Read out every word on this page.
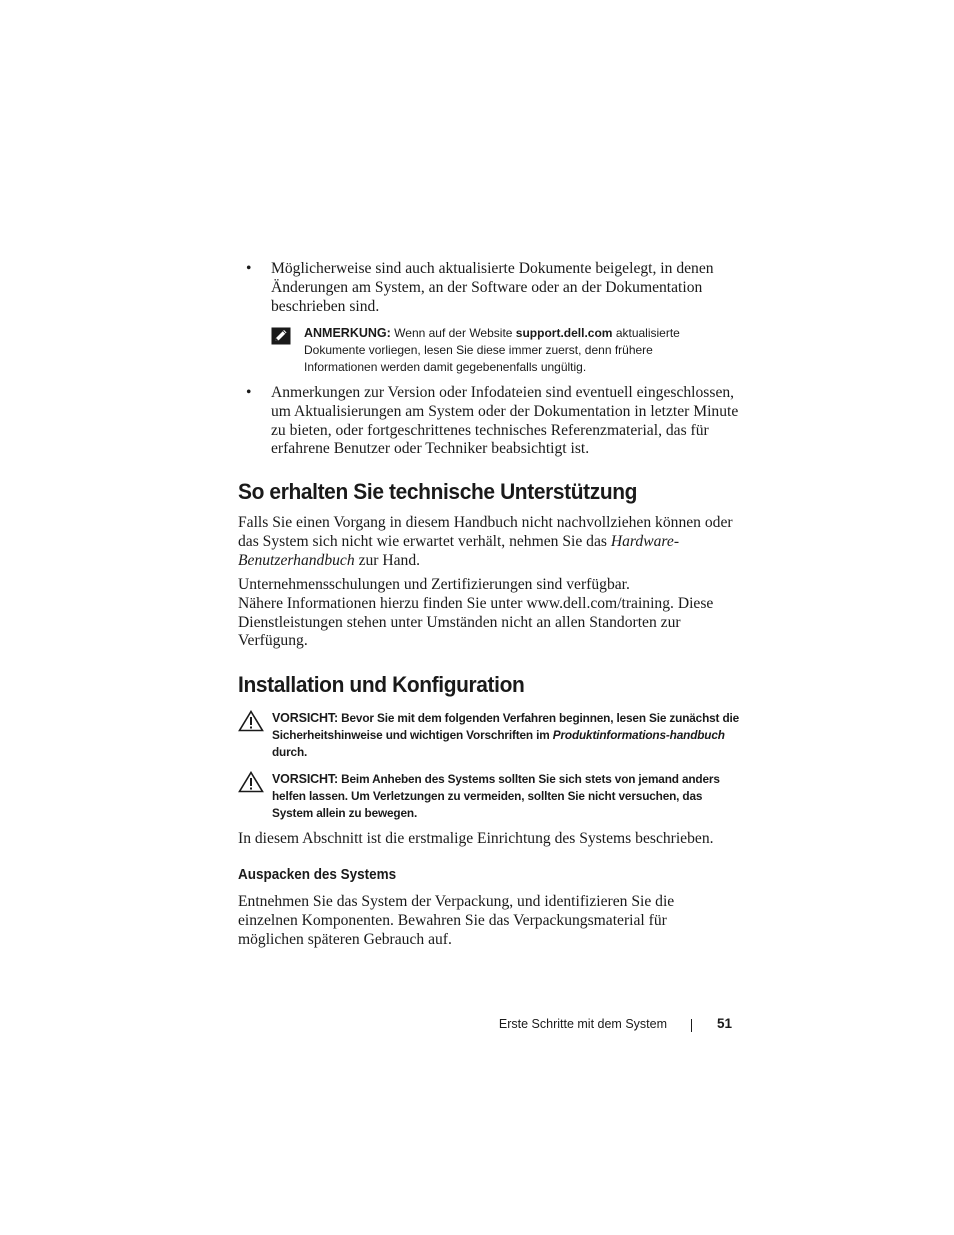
• Möglicherweise sind auch aktualisierte Dokumente beigelegt, in denen Änderungen am System, an der Software oder an der Dokumentation beschrieben sind.
ANMERKUNG: Wenn auf der Website support.dell.com aktualisierte Dokumente vorliegen, lesen Sie diese immer zuerst, denn frühere Informationen werden damit gegebenenfalls ungültig.
• Anmerkungen zur Version oder Infodateien sind eventuell eingeschlossen, um Aktualisierungen am System oder der Dokumentation in letzter Minute zu bieten, oder fortgeschrittenes technisches Referenzmaterial, das für erfahrene Benutzer oder Techniker beabsichtigt ist.
So erhalten Sie technische Unterstützung
Falls Sie einen Vorgang in diesem Handbuch nicht nachvollziehen können oder das System sich nicht wie erwartet verhält, nehmen Sie das Hardware-Benutzerhandbuch zur Hand.
Unternehmensschulungen und Zertifizierungen sind verfügbar.
Nähere Informationen hierzu finden Sie unter www.dell.com/training. Diese Dienstleistungen stehen unter Umständen nicht an allen Standorten zur Verfügung.
Installation und Konfiguration
VORSICHT: Bevor Sie mit dem folgenden Verfahren beginnen, lesen Sie zunächst die Sicherheitshinweise und wichtigen Vorschriften im Produktinformations-handbuch durch.
VORSICHT: Beim Anheben des Systems sollten Sie sich stets von jemand anders helfen lassen. Um Verletzungen zu vermeiden, sollten Sie nicht versuchen, das System allein zu bewegen.
In diesem Abschnitt ist die erstmalige Einrichtung des Systems beschrieben.
Auspacken des Systems
Entnehmen Sie das System der Verpackung, und identifizieren Sie die einzelnen Komponenten. Bewahren Sie das Verpackungsmaterial für möglichen späteren Gebrauch auf.
Erste Schritte mit dem System	51
